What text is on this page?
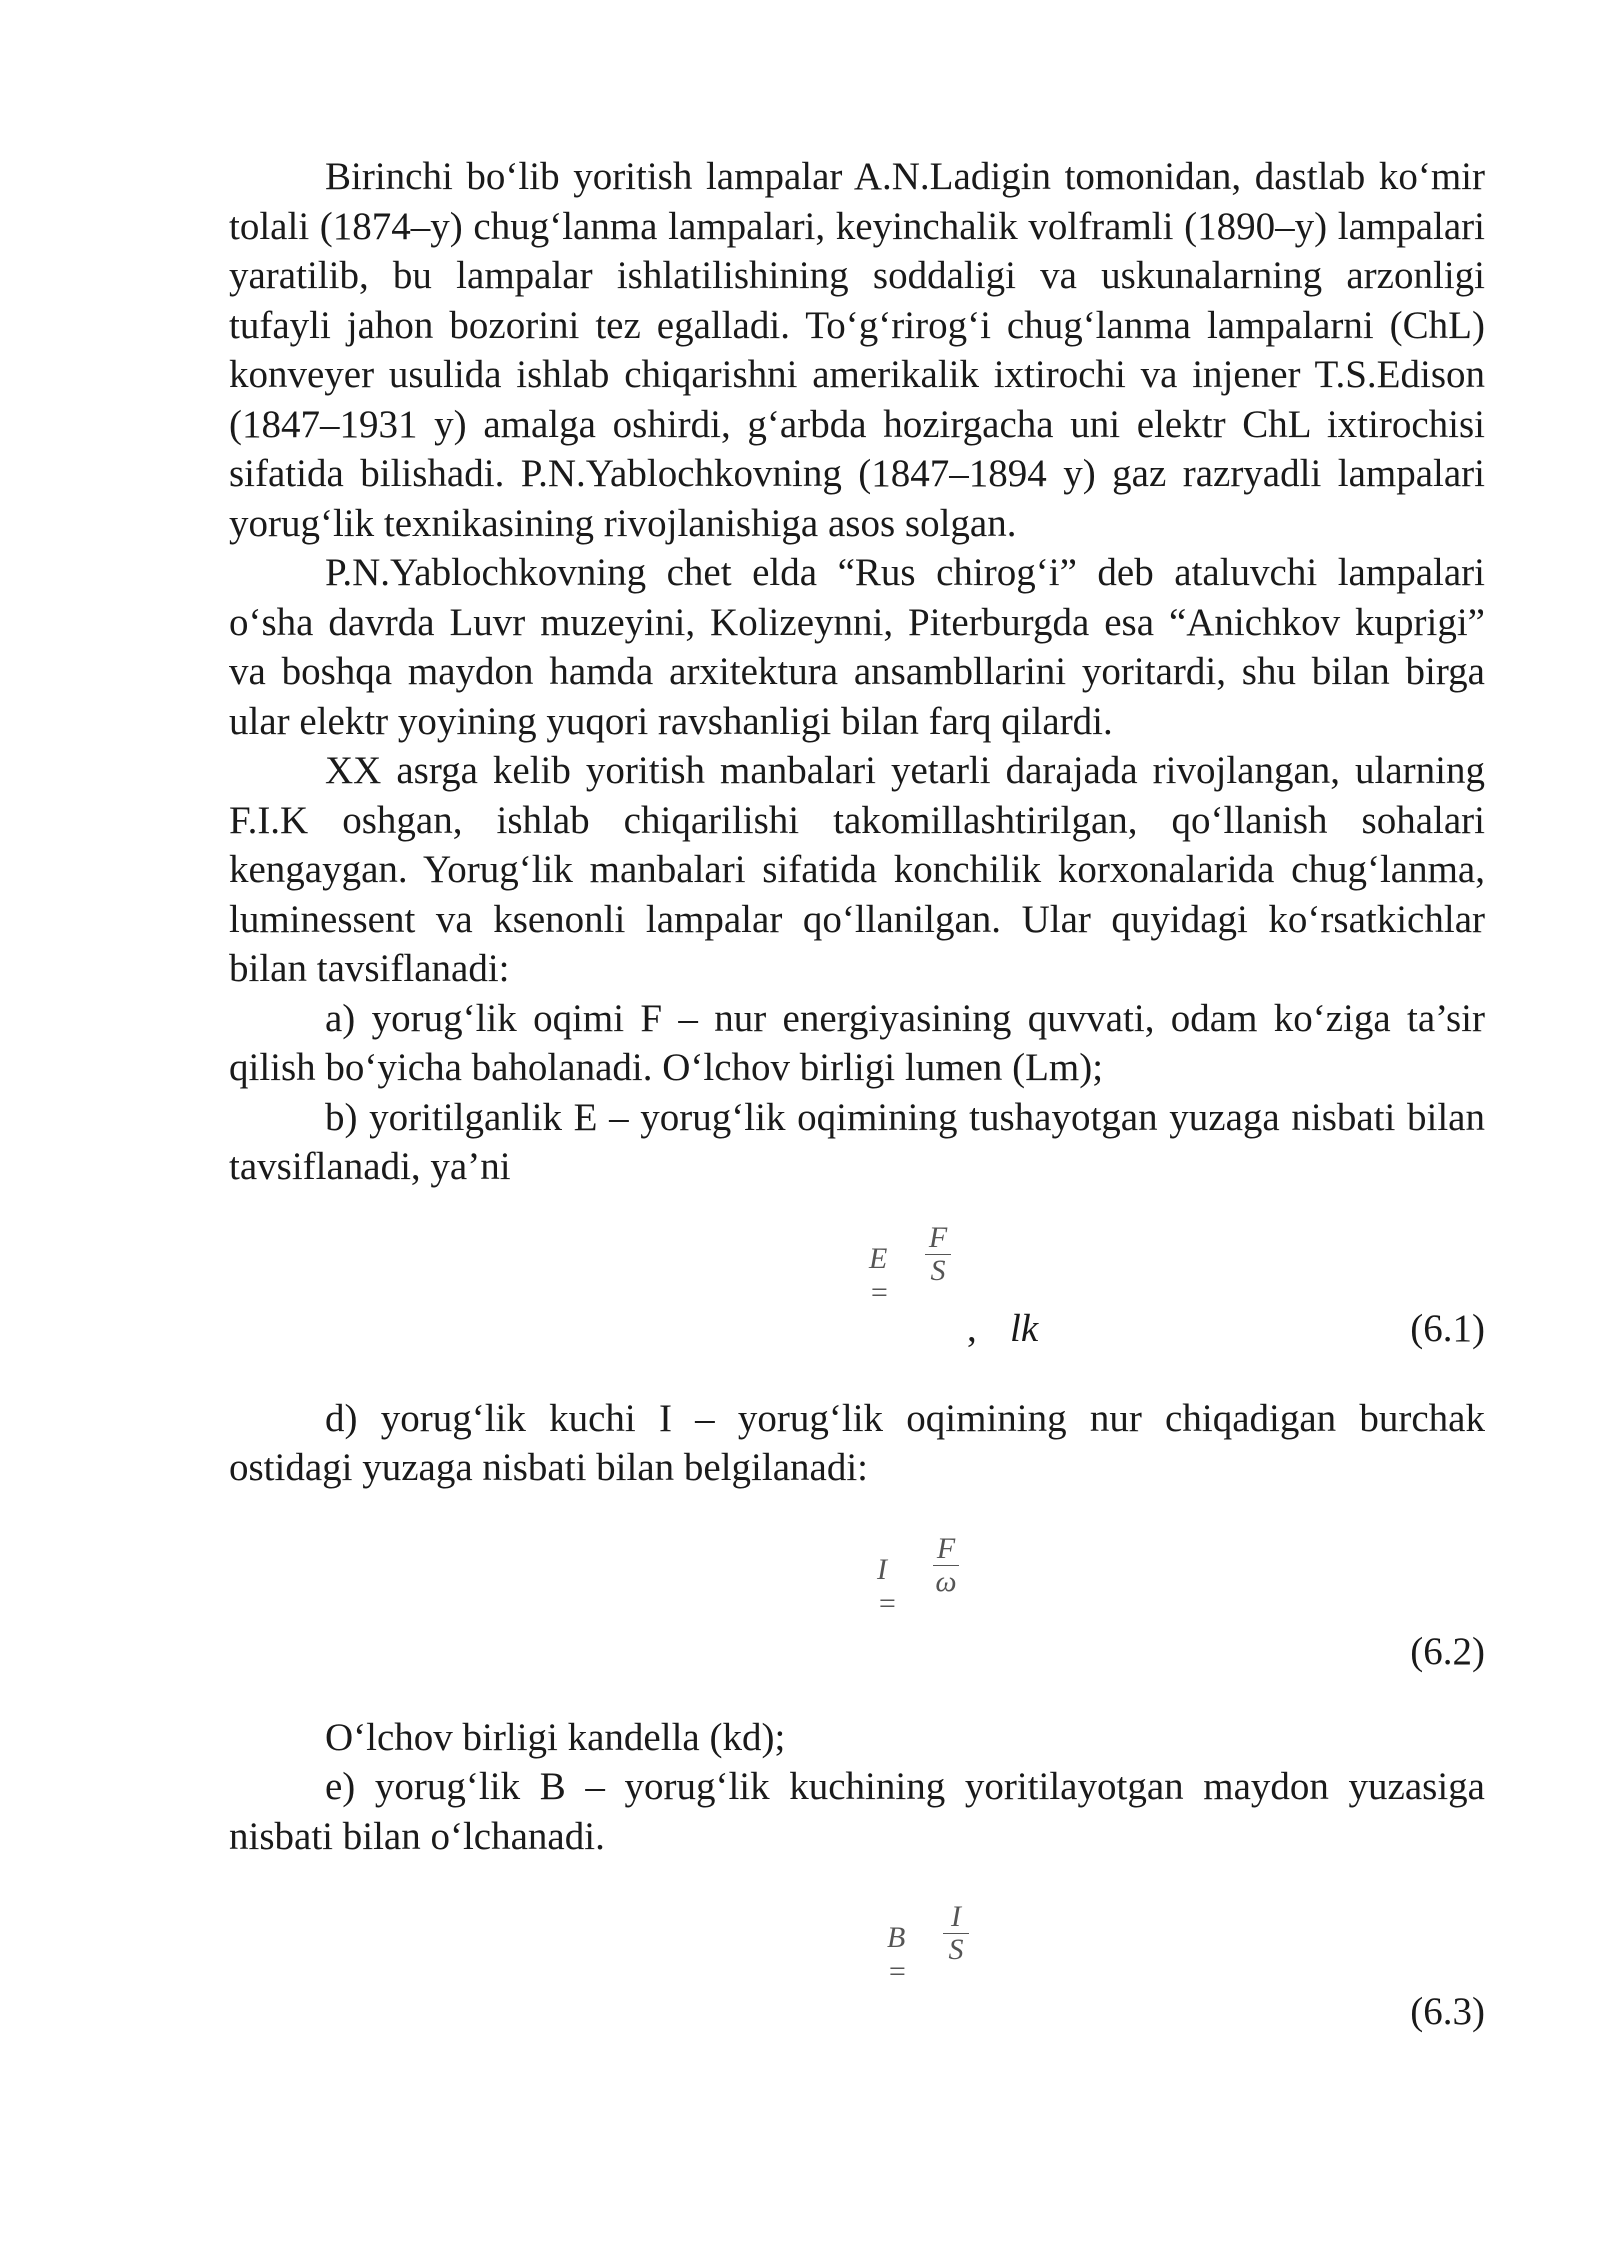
Birinchi bo‘lib yoritish lampalar A.N.Ladigin tomonidan, dastlab ko‘mir tolali (1874–y) chug‘lanma lampalari, keyinchalik volframli (1890–y) lampalari yaratilib, bu lampalar ishlatilishining soddaligi va uskunalarning arzonligi tufayli jahon bozorini tez egalladi. To‘g‘rirog‘i chug‘lanma lampalarni (ChL) konveyer usulida ishlab chiqarishni amerikalik ixtirochi va injener T.S.Edison (1847–1931 y) amalga oshirdi, g‘arbda hozirgacha uni elektr ChL ixtirochisi sifatida bilishadi. P.N.Yablochkovning (1847–1894 y) gaz razryadli lampalari yorug‘lik texnikasining rivojlanishiga asos solgan.

P.N.Yablochkovning chet elda “Rus chirog‘i” deb ataluvchi lampalari o‘sha davrda Luvr muzeyini, Kolizeynni, Piterburgda esa “Anichkov kuprigi” va boshqa maydon hamda arxitektura ansambllarini yoritardi, shu bilan birga ular elektr yoyining yuqori ravshanligi bilan farq qilardi.

XX asrga kelib yoritish manbalari yetarli darajada rivojlangan, ularning F.I.K oshgan, ishlab chiqarilishi takomillashtirilgan, qo‘llanish sohalari kengaygan. Yorug‘lik manbalari sifatida konchilik korxonalarida chug‘lanma, luminessent va ksenonli lampalar qo‘llanilgan. Ular quyidagi ko‘rsatkichlar bilan tavsiflanadi:

a) yorug‘lik oqimi F – nur energiyasining quvvati, odam ko‘ziga ta’sir qilish bo‘yicha baholanadi. O‘lchov birligi lumen (Lm);

b) yoritilganlik E – yorug‘lik oqimining tushayotgan yuzaga nisbati bilan tavsiflanadi, ya’ni

E =
F
S
, lk	(6.1)

d) yorug‘lik kuchi I – yorug‘lik oqimining nur chiqadigan burchak ostidagi yuzaga nisbati bilan belgilanadi:

I =
F
ω
(6.2)

O‘lchov birligi kandella (kd);

e) yorug‘lik B – yorug‘lik kuchining yoritilayotgan maydon yuzasiga nisbati bilan o‘lchanadi.

B =
I
S
(6.3)
